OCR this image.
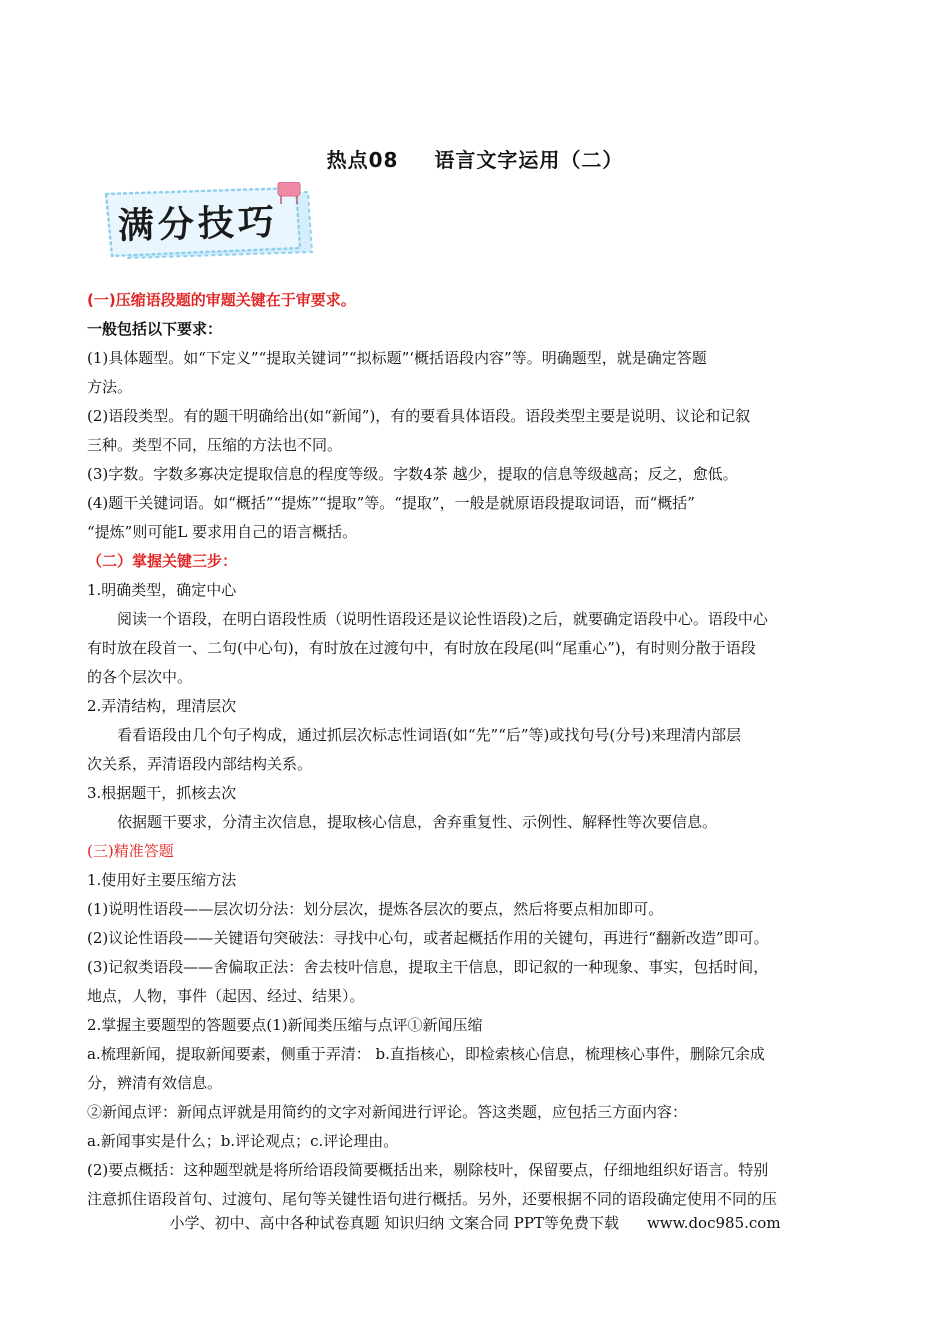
热点08 语言文字运用（二）
满分技巧
(一)压缩语段题的审题关键在于审要求。
一般包括以下要求：
(1)具体题型。如“下定义”“提取关键词”“拟标题”‘概括语段内容”等。明确题型，就是确定答题
方法。
(2)语段类型。有的题干明确给出(如“新闻”)，有的要看具体语段。语段类型主要是说明、议论和记叙
三种。类型不同，压缩的方法也不同。
(3)字数。字数多寡决定提取信息的程度等级。字数4茶 越少，提取的信息等级越高；反之，愈低。
(4)题干关键词语。如“概括”“提炼”“提取”等。“提取”，一般是就原语段提取词语，而“概括”
“提炼”则可能L 要求用自己的语言概括。
（二）掌握关键三步：
1.明确类型，确定中心
阅读一个语段，在明白语段性质（说明性语段还是议论性语段)之后，就要确定语段中心。语段中心
有时放在段首一、二句(中心句)，有时放在过渡句中，有时放在段尾(叫“尾重心”)，有时则分散于语段
的各个层次中。
2.弄清结构，理清层次
看看语段由几个句子构成，通过抓层次标志性词语(如“先”“后”等)或找句号(分号)来理清内部层
次关系，弄清语段内部结构关系。
3.根据题干，抓核去次
依据题干要求，分清主次信息，提取核心信息，舍弃重复性、示例性、解释性等次要信息。
(三)精准答题
1.使用好主要压缩方法
(1)说明性语段——层次切分法：划分层次，提炼各层次的要点，然后将要点相加即可。
(2)议论性语段——关键语句突破法：寻找中心句，或者起概括作用的关键句，再进行“翻新改造”即可。
(3)记叙类语段——舍偏取正法：舍去枝叶信息，提取主干信息，即记叙的一种现象、事实，包括时间，
地点，人物，事件（起因、经过、结果）。
2.掌握主要题型的答题要点(1)新闻类压缩与点评①新闻压缩
a.梳理新闻，提取新闻要素，侧重于弄清： b.直指核心，即检索核心信息，梳理核心事件，删除冗余成
分，辨清有效信息。
②新闻点评：新闻点评就是用简约的文字对新闻进行评论。答这类题，应包括三方面内容：
a.新闻事实是什么；b.评论观点；c.评论理由。
(2)要点概括：这种题型就是将所给语段简要概括出来，剔除枝叶，保留要点，仔细地组织好语言。特别
注意抓住语段首句、过渡句、尾句等关键性语句进行概括。另外，还要根据不同的语段确定使用不同的压
小学、初中、高中各种试卷真题 知识归纳 文案合同 PPT等免费下载 www.doc985.com
